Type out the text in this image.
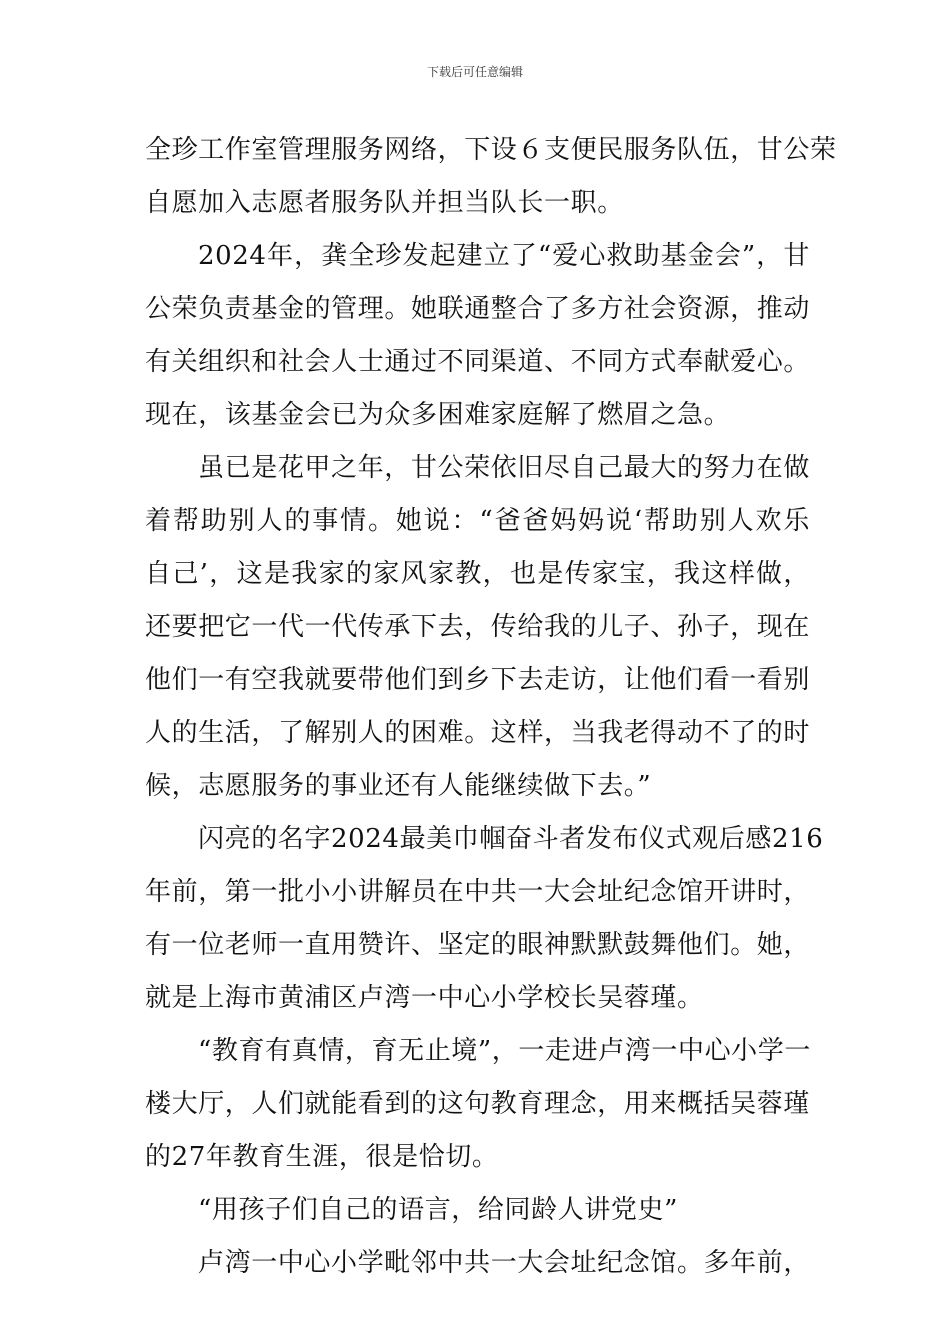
下载后可任意编辑
全珍工作室管理服务网络，下设６支便民服务队伍，甘公荣
自愿加入志愿者服务队并担当队长一职。
2024年，龚全珍发起建立了“爱心救助基金会”，甘
公荣负责基金的管理。她联通整合了多方社会资源，推动
有关组织和社会人士通过不同渠道、不同方式奉献爱心。
现在，该基金会已为众多困难家庭解了燃眉之急。
虽已是花甲之年，甘公荣依旧尽自己最大的努力在做
着帮助别人的事情。她说：“爸爸妈妈说‘帮助别人欢乐
自己’，这是我家的家风家教，也是传家宝，我这样做，
还要把它一代一代传承下去，传给我的儿子、孙子，现在
他们一有空我就要带他们到乡下去走访，让他们看一看别
人的生活，了解别人的困难。这样，当我老得动不了的时
候，志愿服务的事业还有人能继续做下去。”
闪亮的名字2024最美巾帼奋斗者发布仪式观后感216
年前，第一批小小讲解员在中共一大会址纪念馆开讲时，
有一位老师一直用赞许、坚定的眼神默默鼓舞他们。她，
就是上海市黄浦区卢湾一中心小学校长吴蓉瑾。
“教育有真情，育无止境”，一走进卢湾一中心小学一
楼大厅，人们就能看到的这句教育理念，用来概括吴蓉瑾
的27年教育生涯，很是恰切。
“用孩子们自己的语言，给同龄人讲党史”
卢湾一中心小学毗邻中共一大会址纪念馆。多年前，
